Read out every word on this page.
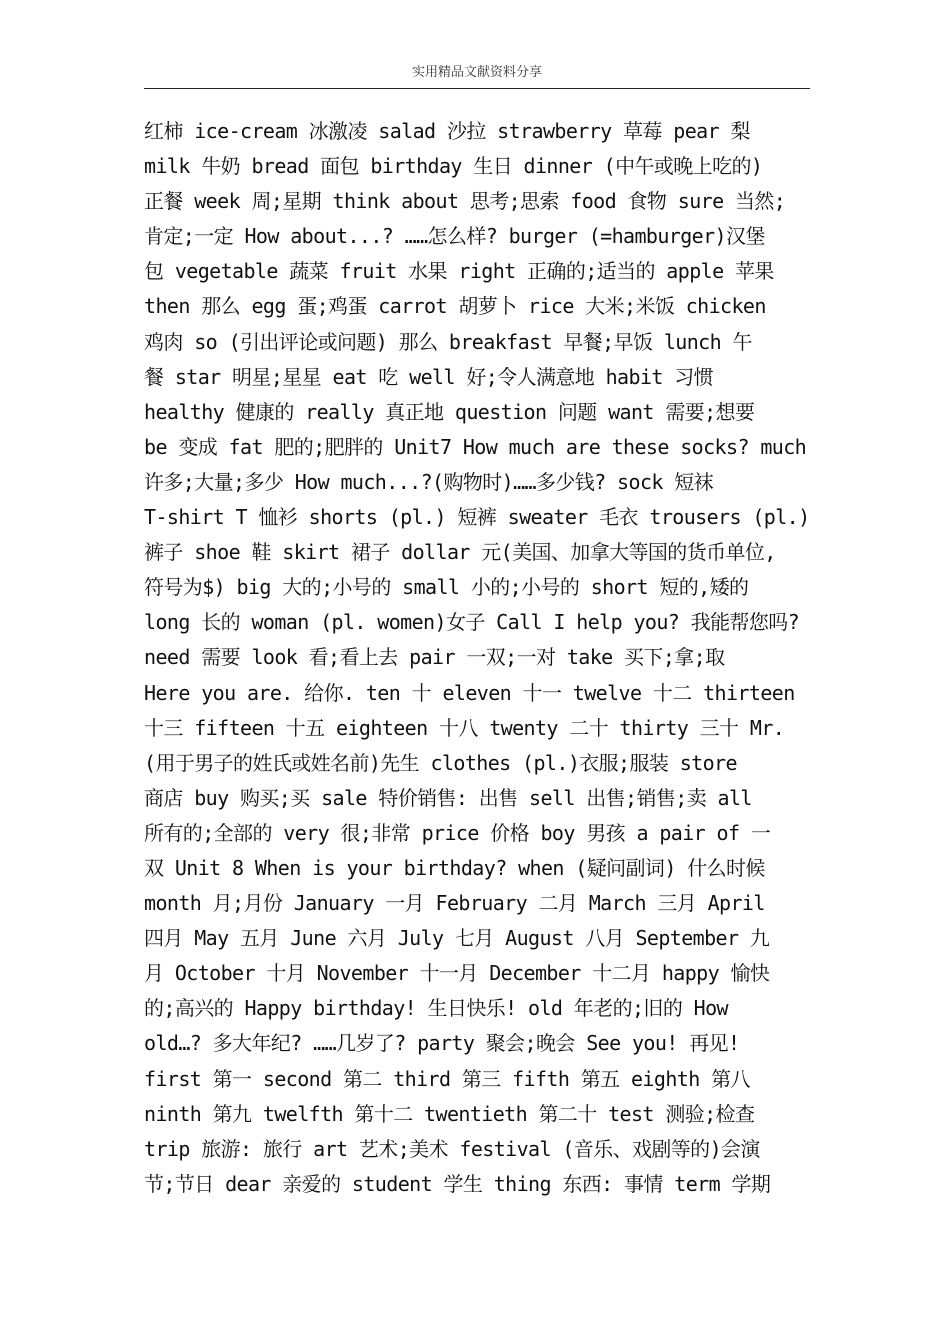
实用精品文献资料分享
红柿 ice-cream 冰激凌 salad 沙拉 strawberry 草莓 pear 梨
milk 牛奶 bread 面包 birthday 生日 dinner (中午或晚上吃的)
正餐 week 周;星期 think about 思考;思索 food 食物 sure 当然;
肯定;一定 How about...? ……怎么样? burger (=hamburger)汉堡
包 vegetable 蔬菜 fruit 水果 right 正确的;适当的 apple 苹果
then 那么 egg 蛋;鸡蛋 carrot 胡萝卜 rice 大米;米饭 chicken
鸡肉 so (引出评论或问题) 那么 breakfast 早餐;早饭 lunch 午
餐 star 明星;星星 eat 吃 well 好;令人满意地 habit 习惯
healthy 健康的 really 真正地 question 问题 want 需要;想要
be 变成 fat 肥的;肥胖的 Unit7 How much are these socks? much
许多;大量;多少 How much...?(购物时)……多少钱? sock 短袜
T-shirt T 恤衫 shorts (pl.) 短裤 sweater 毛衣 trousers (pl.)
裤子 shoe 鞋 skirt 裙子 dollar 元(美国、加拿大等国的货币单位,
符号为$) big 大的;小号的 small 小的;小号的 short 短的,矮的
long 长的 woman (pl. women)女子 Call I help you? 我能帮您吗?
need 需要 look 看;看上去 pair 一双;一对 take 买下;拿;取
Here you are. 给你. ten 十 eleven 十一 twelve 十二 thirteen
十三 fifteen 十五 eighteen 十八 twenty 二十 thirty 三十 Mr.
(用于男子的姓氏或姓名前)先生 clothes (pl.)衣服;服装 store
商店 buy 购买;买 sale 特价销售: 出售 sell 出售;销售;卖 all
所有的;全部的 very 很;非常 price 价格 boy 男孩 a pair of 一
双 Unit 8 When is your birthday? when (疑问副词) 什么时候
month 月;月份 January 一月 February 二月 March 三月 April
四月 May 五月 June 六月 July 七月 August 八月 September 九
月 October 十月 November 十一月 December 十二月 happy 愉快
的;高兴的 Happy birthday! 生日快乐! old 年老的;旧的 How
old…? 多大年纪? ……几岁了? party 聚会;晚会 See you! 再见!
first 第一 second 第二 third 第三 fifth 第五 eighth 第八
ninth 第九 twelfth 第十二 twentieth 第二十 test 测验;检查
trip 旅游: 旅行 art 艺术;美术 festival (音乐、戏剧等的)会演
节;节日 dear 亲爱的 student 学生 thing 东西: 事情 term 学期
